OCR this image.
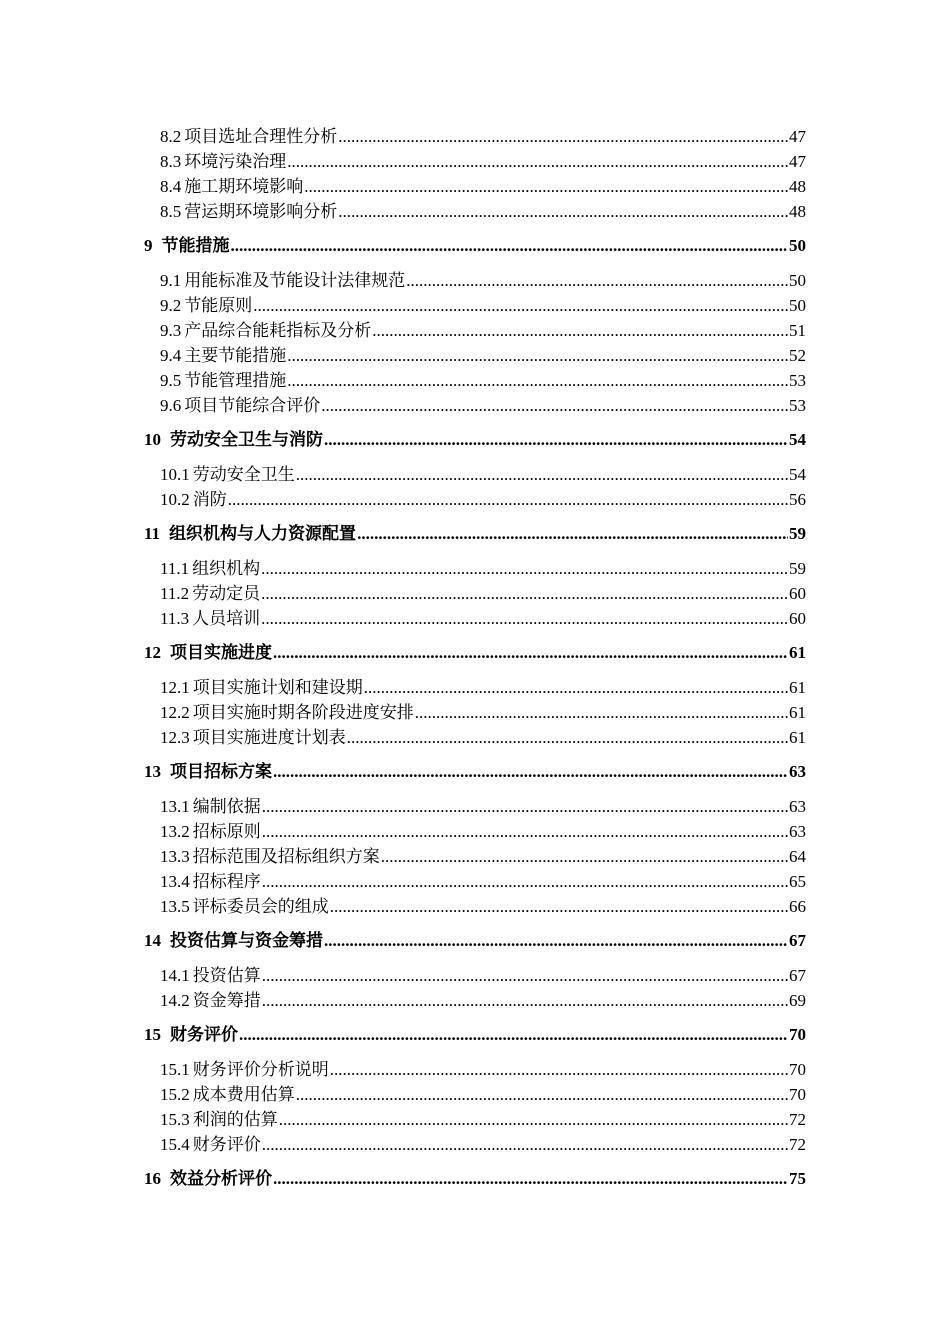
8.2 项目选址合理性分析 .....	47
8.3 环境污染治理 .....	47
8.4 施工期环境影响 .....	48
8.5 营运期环境影响分析 .....	48
9 节能措施 .....	50
9.1 用能标准及节能设计法律规范 .....	50
9.2 节能原则 .....	50
9.3 产品综合能耗指标及分析 .....	51
9.4 主要节能措施 .....	52
9.5 节能管理措施 .....	53
9.6 项目节能综合评价 .....	53
10 劳动安全卫生与消防 .....	54
10.1 劳动安全卫生 .....	54
10.2 消防 .....	56
11 组织机构与人力资源配置 .....	59
11.1 组织机构 .....	59
11.2 劳动定员 .....	60
11.3 人员培训 .....	60
12 项目实施进度 .....	61
12.1 项目实施计划和建设期 .....	61
12.2 项目实施时期各阶段进度安排 .....	61
12.3 项目实施进度计划表 .....	61
13 项目招标方案 .....	63
13.1 编制依据 .....	63
13.2 招标原则 .....	63
13.3 招标范围及招标组织方案 .....	64
13.4 招标程序 .....	65
13.5 评标委员会的组成 .....	66
14 投资估算与资金筹措 .....	67
14.1 投资估算 .....	67
14.2 资金筹措 .....	69
15 财务评价 .....	70
15.1 财务评价分析说明 .....	70
15.2 成本费用估算 .....	70
15.3 利润的估算 .....	72
15.4 财务评价 .....	72
16 效益分析评价 .....	75
